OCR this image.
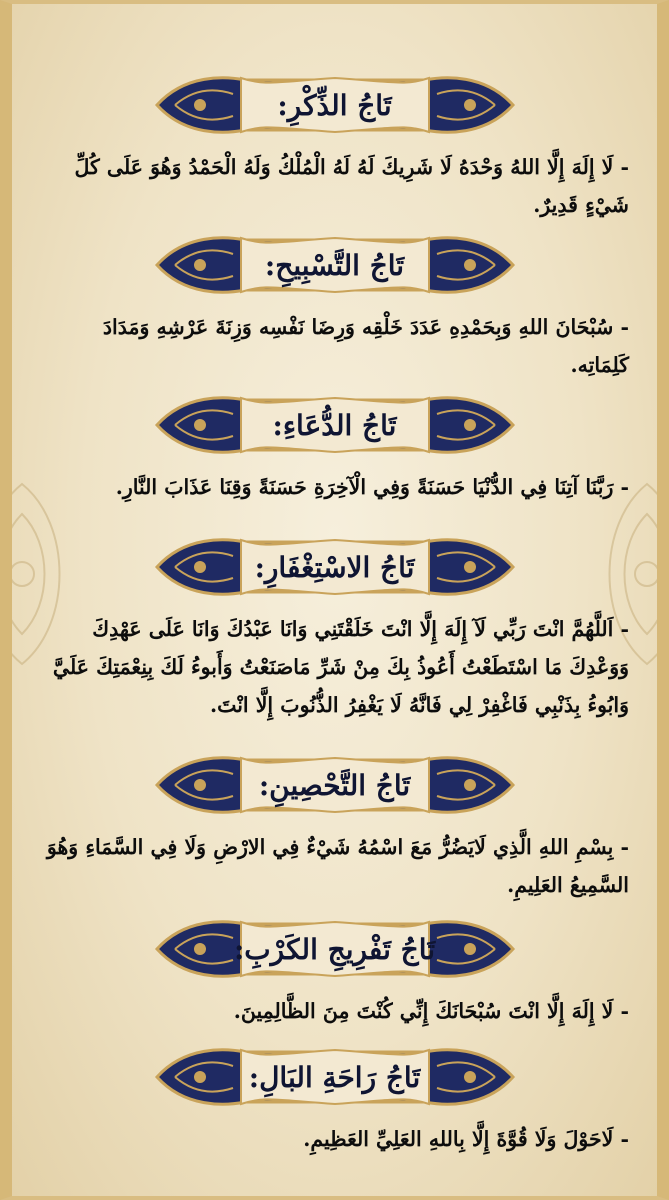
تَاجُ الذِّكْرِ:
- لَا إِلَهَ إِلَّا اللهُ وَحْدَهُ لَا شَرِيكَ لَهُ لَهُ الْمُلْكُ وَلَهُ الْحَمْدُ وَهُوَ عَلَى كُلِّ شَيْءٍ قَدِيرٌ.
تَاجُ التَّسْبِيحِ:
- سُبْحَانَ اللهِ وَبِحَمْدِهِ عَدَدَ خَلْقِه وَرِضَا نَفْسِه وَزِنَةَ عَرْشِهِ وَمَدَادَ كَلِمَاتِه.
تَاجُ الدُّعَاءِ:
- رَبَّنَا آتِنَا فِي الدُّنْيَا حَسَنَةً وَفِي الْآخِرَةِ حَسَنَةً وَقِنَا عَذَابَ النَّارِ.
تَاجُ الاسْتِغْفَارِ:
- اَللَّهُمَّ انْتَ رَبِّي لَآ إِلَهَ إِلَّا انْتَ خَلَقْتَنِي وَانَا عَبْدُكَ وَانَا عَلَى عَهْدِكَ وَوَعْدِكَ مَا اسْتَطَعْتُ أَعُوذُ بِكَ مِنْ شَرِّ مَاصَنَعْتُ وَأَبوءُ لَكَ بِنِعْمَتِكَ عَلَيَّ وَابُوءُ بِذَنْبِي فَاغْفِرْ لِي فَانَّهُ لَا يَغْفِرُ الذُّنُوبَ إِلَّا انْتَ.
تَاجُ التَّحْصِينِ:
- بِسْمِ اللهِ الَّذِي لَايَضُرُّ مَعَ اسْمُهُ شَيْءٌ فِي الارْضِ وَلَا فِي السَّمَاءِ وَهُوَ السَّمِيعُ العَلِيمِ.
تَاجُ تَفْرِيجِ الكَرْبِ:
- لَا إِلَهَ إِلَّا انْتَ سُبْحَانَكَ إِنِّي كُنْتَ مِنَ الظَّالِمِينَ.
تَاجُ رَاحَةِ البَالِ:
- لَاحَوْلَ وَلَا قُوَّةَ إِلَّا بِاللهِ العَلِيِّ العَظِيمِ.
